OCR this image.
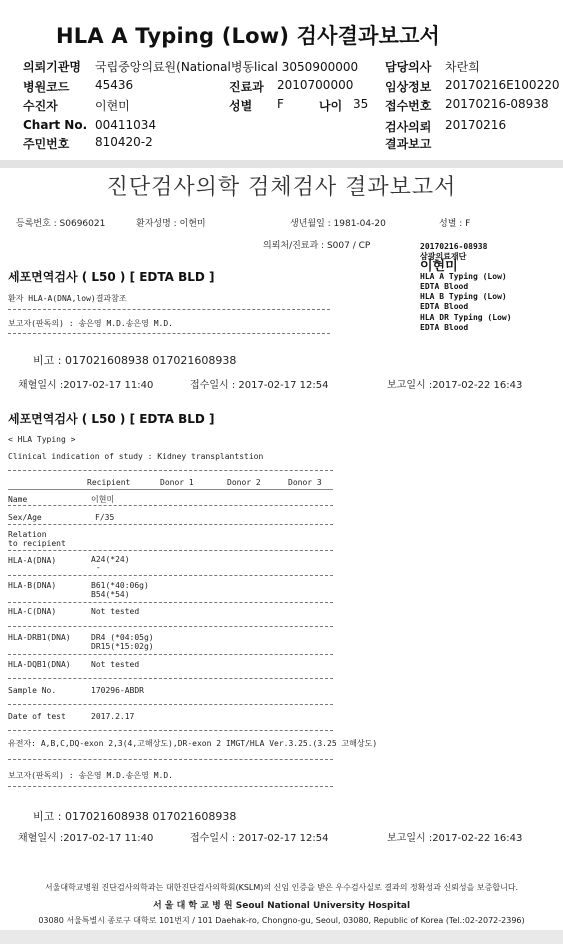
HLA A Typing (Low) 검사결과보고서
의뢰기관명 국립중앙의료원(National병동lical 3050900000 담당의사 차란희
병원코드 45436	진료과 2010700000	임상정보 20170216E100220
수진자	이현미	성별 F	나이 35 접수번호 20170216-08938
Chart No. 00411034	검사의뢰 20170216
주민번호 810420-2	결과보고
진단검사의학 검체검사 결과보고서
등록번호 : S0696021	환자성명 : 이현미	생년월일 : 1981-04-20	성별 : F
의뢰처/진료과 : S007 / CP	20170216-08938
삼광의료재단
이현미
HLA A Typing (Low)
EDTA Blood
HLA B Typing (Low)
EDTA Blood
HLA DR Typing (Low)
EDTA Blood
세포면역검사 ( L50 ) [ EDTA BLD ]
환자 HLA-A(DNA,low)결과참조
보고자(판독의) : 송은영 M.D.송은영 M.D.
비고 : 017021608938 017021608938
채혈일시 :2017-02-17 11:40	접수일시 : 2017-02-17 12:54	보고일시 :2017-02-22 16:43
세포면역검사 ( L50 ) [ EDTA BLD ]
< HLA Typing >
Clinical indication of study : Kidney transplantstion
Recipient	Donor 1	Donor 2	Donor 3
Name	이현미
Sex/Age	F/35
Relation
to recipient
HLA-A(DNA)	A24(*24)
-
HLA-B(DNA)	B61(*40:06g)
B54(*54)
HLA-C(DNA)	Not tested
HLA-DRB1(DNA)	DR4 (*04:05g)
DR15(*15:02g)
HLA-DQB1(DNA)	Not tested
Sample No.	170296-ABDR
Date of test	2017.2.17
유전자: A,B,C,DQ-exon 2,3(4,고해상도),DR-exon 2 IMGT/HLA Ver.3.25.(3.25 고해상도)
보고자(판독의) : 송은영 M.D.송은영 M.D.
비고 : 017021608938 017021608938
채혈일시 :2017-02-17 11:40	접수일시 : 2017-02-17 12:54	보고일시 :2017-02-22 16:43
서울대학교병원 진단검사의학과는 대한진단검사의학회(KSLM)의 신임 인증을 받은 우수검사실로 결과의 정확성과 신뢰성을 보증합니다.
서 울 대 학 교 병 원 Seoul National University Hospital
03080 서울특별시 종로구 대학로 101번지 / 101 Daehak-ro, Chongno-gu, Seoul, 03080, Republic of Korea (Tel.:02-2072-2396)
